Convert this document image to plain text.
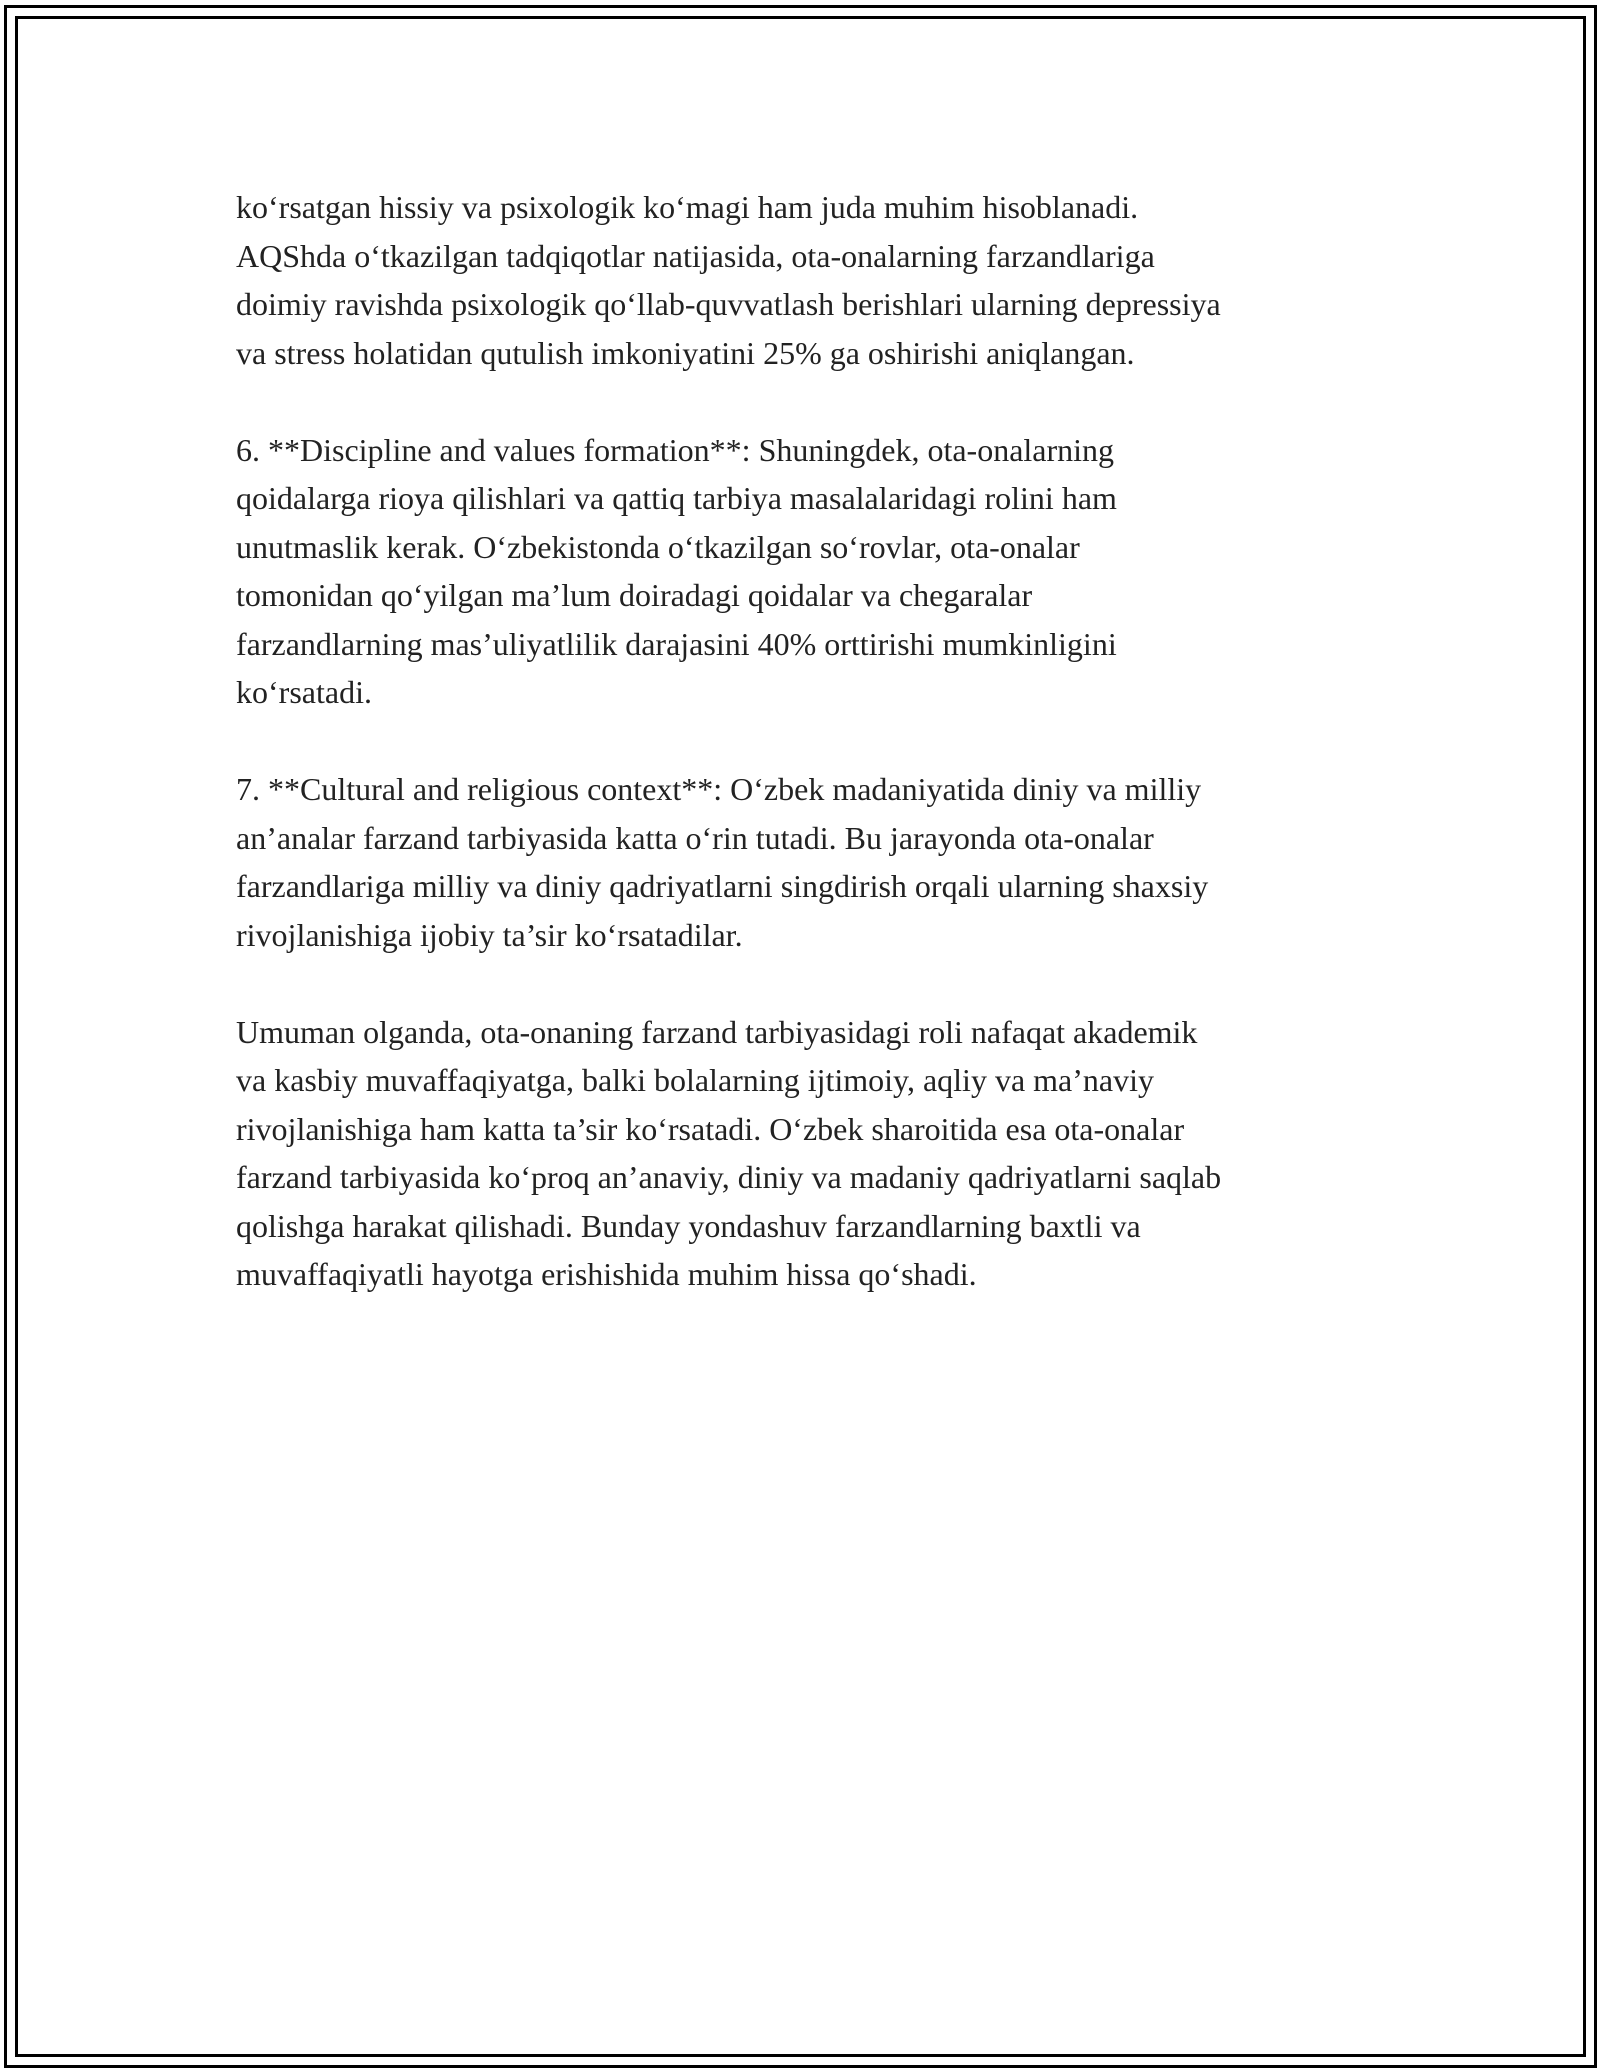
ko‘rsatgan hissiy va psixologik ko‘magi ham juda muhim hisoblanadi.
AQShda o‘tkazilgan tadqiqotlar natijasida, ota-onalarning farzandlariga
doimiy ravishda psixologik qo‘llab-quvvatlash berishlari ularning depressiya
va stress holatidan qutulish imkoniyatini 25% ga oshirishi aniqlangan.

6. **Discipline and values formation**: Shuningdek, ota-onalarning
qoidalarga rioya qilishlari va qattiq tarbiya masalalaridagi rolini ham
unutmaslik kerak. O‘zbekistonda o‘tkazilgan so‘rovlar, ota-onalar
tomonidan qo‘yilgan ma’lum doiradagi qoidalar va chegaralar
farzandlarning mas’uliyatlilik darajasini 40% orttirishi mumkinligini
ko‘rsatadi.

7. **Cultural and religious context**: O‘zbek madaniyatida diniy va milliy
an’analar farzand tarbiyasida katta o‘rin tutadi. Bu jarayonda ota-onalar
farzandlariga milliy va diniy qadriyatlarni singdirish orqali ularning shaxsiy
rivojlanishiga ijobiy ta’sir ko‘rsatadilar.

Umuman olganda, ota-onaning farzand tarbiyasidagi roli nafaqat akademik
va kasbiy muvaffaqiyatga, balki bolalarning ijtimoiy, aqliy va ma’naviy
rivojlanishiga ham katta ta’sir ko‘rsatadi. O‘zbek sharoitida esa ota-onalar
farzand tarbiyasida ko‘proq an’anaviy, diniy va madaniy qadriyatlarni saqlab
qolishga harakat qilishadi. Bunday yondashuv farzandlarning baxtli va
muvaffaqiyatli hayotga erishishida muhim hissa qo‘shadi.
